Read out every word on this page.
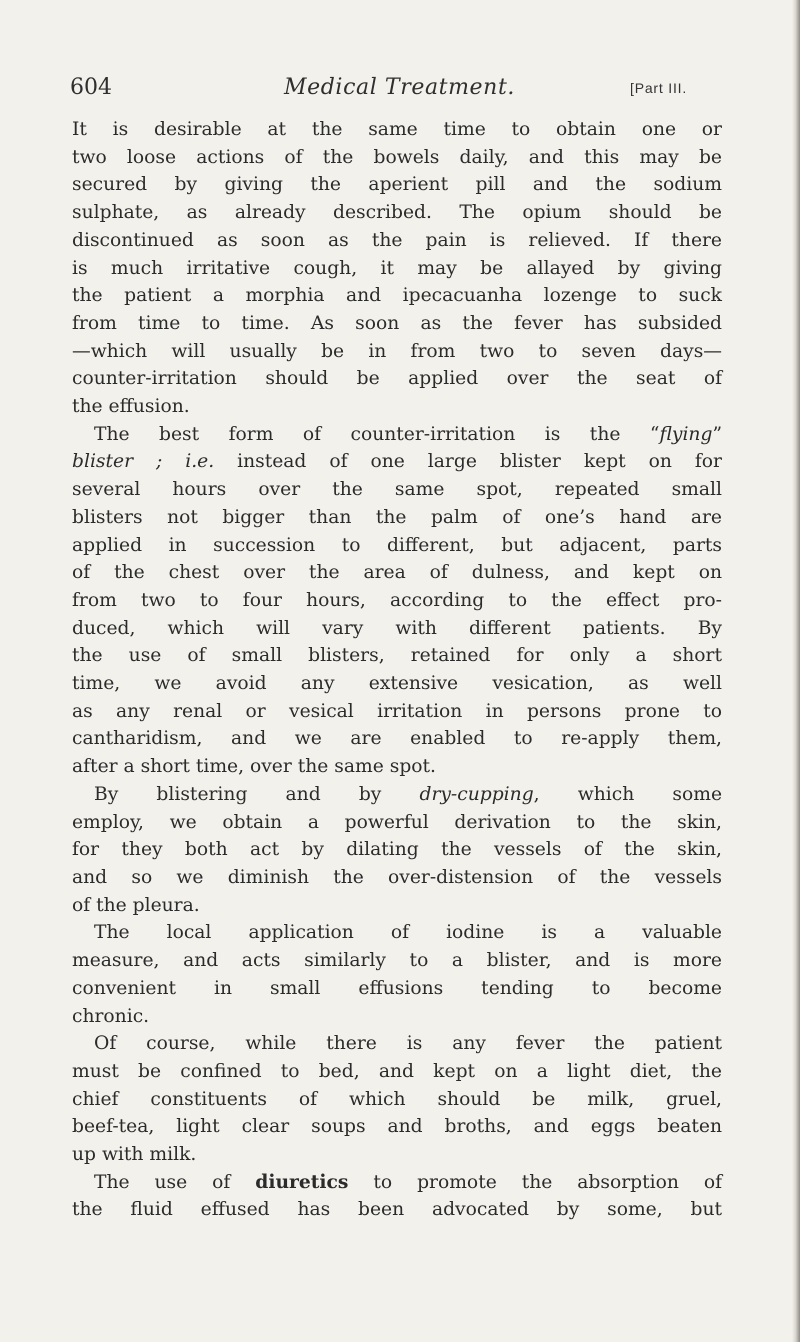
604	Medical Treatment.	[Part III.
It is desirable at the same time to obtain one or
two loose actions of the bowels daily, and this may be
secured by giving the aperient pill and the sodium
sulphate, as already described. The opium should be
discontinued as soon as the pain is relieved. If there
is much irritative cough, it may be allayed by giving
the patient a morphia and ipecacuanha lozenge to suck
from time to time. As soon as the fever has subsided
—which will usually be in from two to seven days—
counter-irritation should be applied over the seat of
the effusion.
The best form of counter-irritation is the “flying”
blister ; i.e. instead of one large blister kept on for
several hours over the same spot, repeated small
blisters not bigger than the palm of one’s hand are
applied in succession to different, but adjacent, parts
of the chest over the area of dulness, and kept on
from two to four hours, according to the effect pro-
duced, which will vary with different patients. By
the use of small blisters, retained for only a short
time, we avoid any extensive vesication, as well
as any renal or vesical irritation in persons prone to
cantharidism, and we are enabled to re-apply them,
after a short time, over the same spot.
By blistering and by dry-cupping, which some
employ, we obtain a powerful derivation to the skin,
for they both act by dilating the vessels of the skin,
and so we diminish the over-distension of the vessels
of the pleura.
The local application of iodine is a valuable
measure, and acts similarly to a blister, and is more
convenient in small effusions tending to become
chronic.
Of course, while there is any fever the patient
must be confined to bed, and kept on a light diet, the
chief constituents of which should be milk, gruel,
beef-tea, light clear soups and broths, and eggs beaten
up with milk.
The use of diuretics to promote the absorption of
the fluid effused has been advocated by some, but
